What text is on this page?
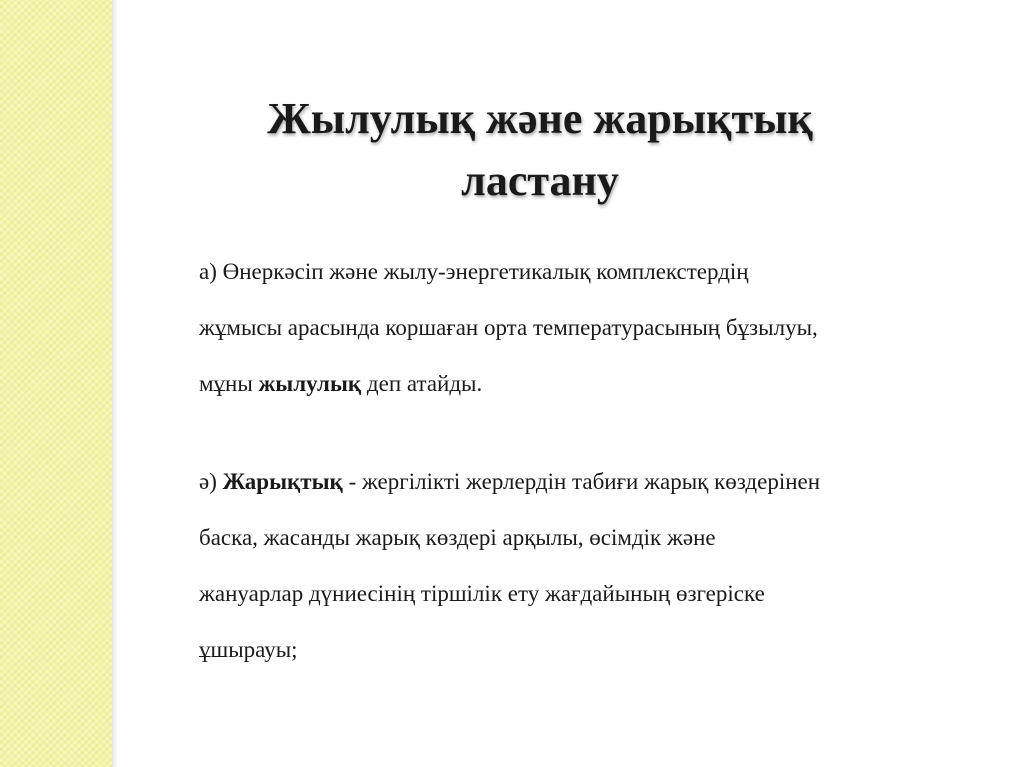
Жылулық және жарықтық
ластану

а) Өнеркәсіп және жылу-энергетикалық комплекстердің
жұмысы арасында коршаған орта температурасының бұзылуы,
мұны жылулық деп атайды.

ә) Жарықтық - жергілікті жерлердін табиғи жарық көздерінен
баска, жасанды жарық көздері арқылы, өсімдік және
жануарлар дүниесінің тіршілік ету жағдайының өзгеріске
ұшырауы;
